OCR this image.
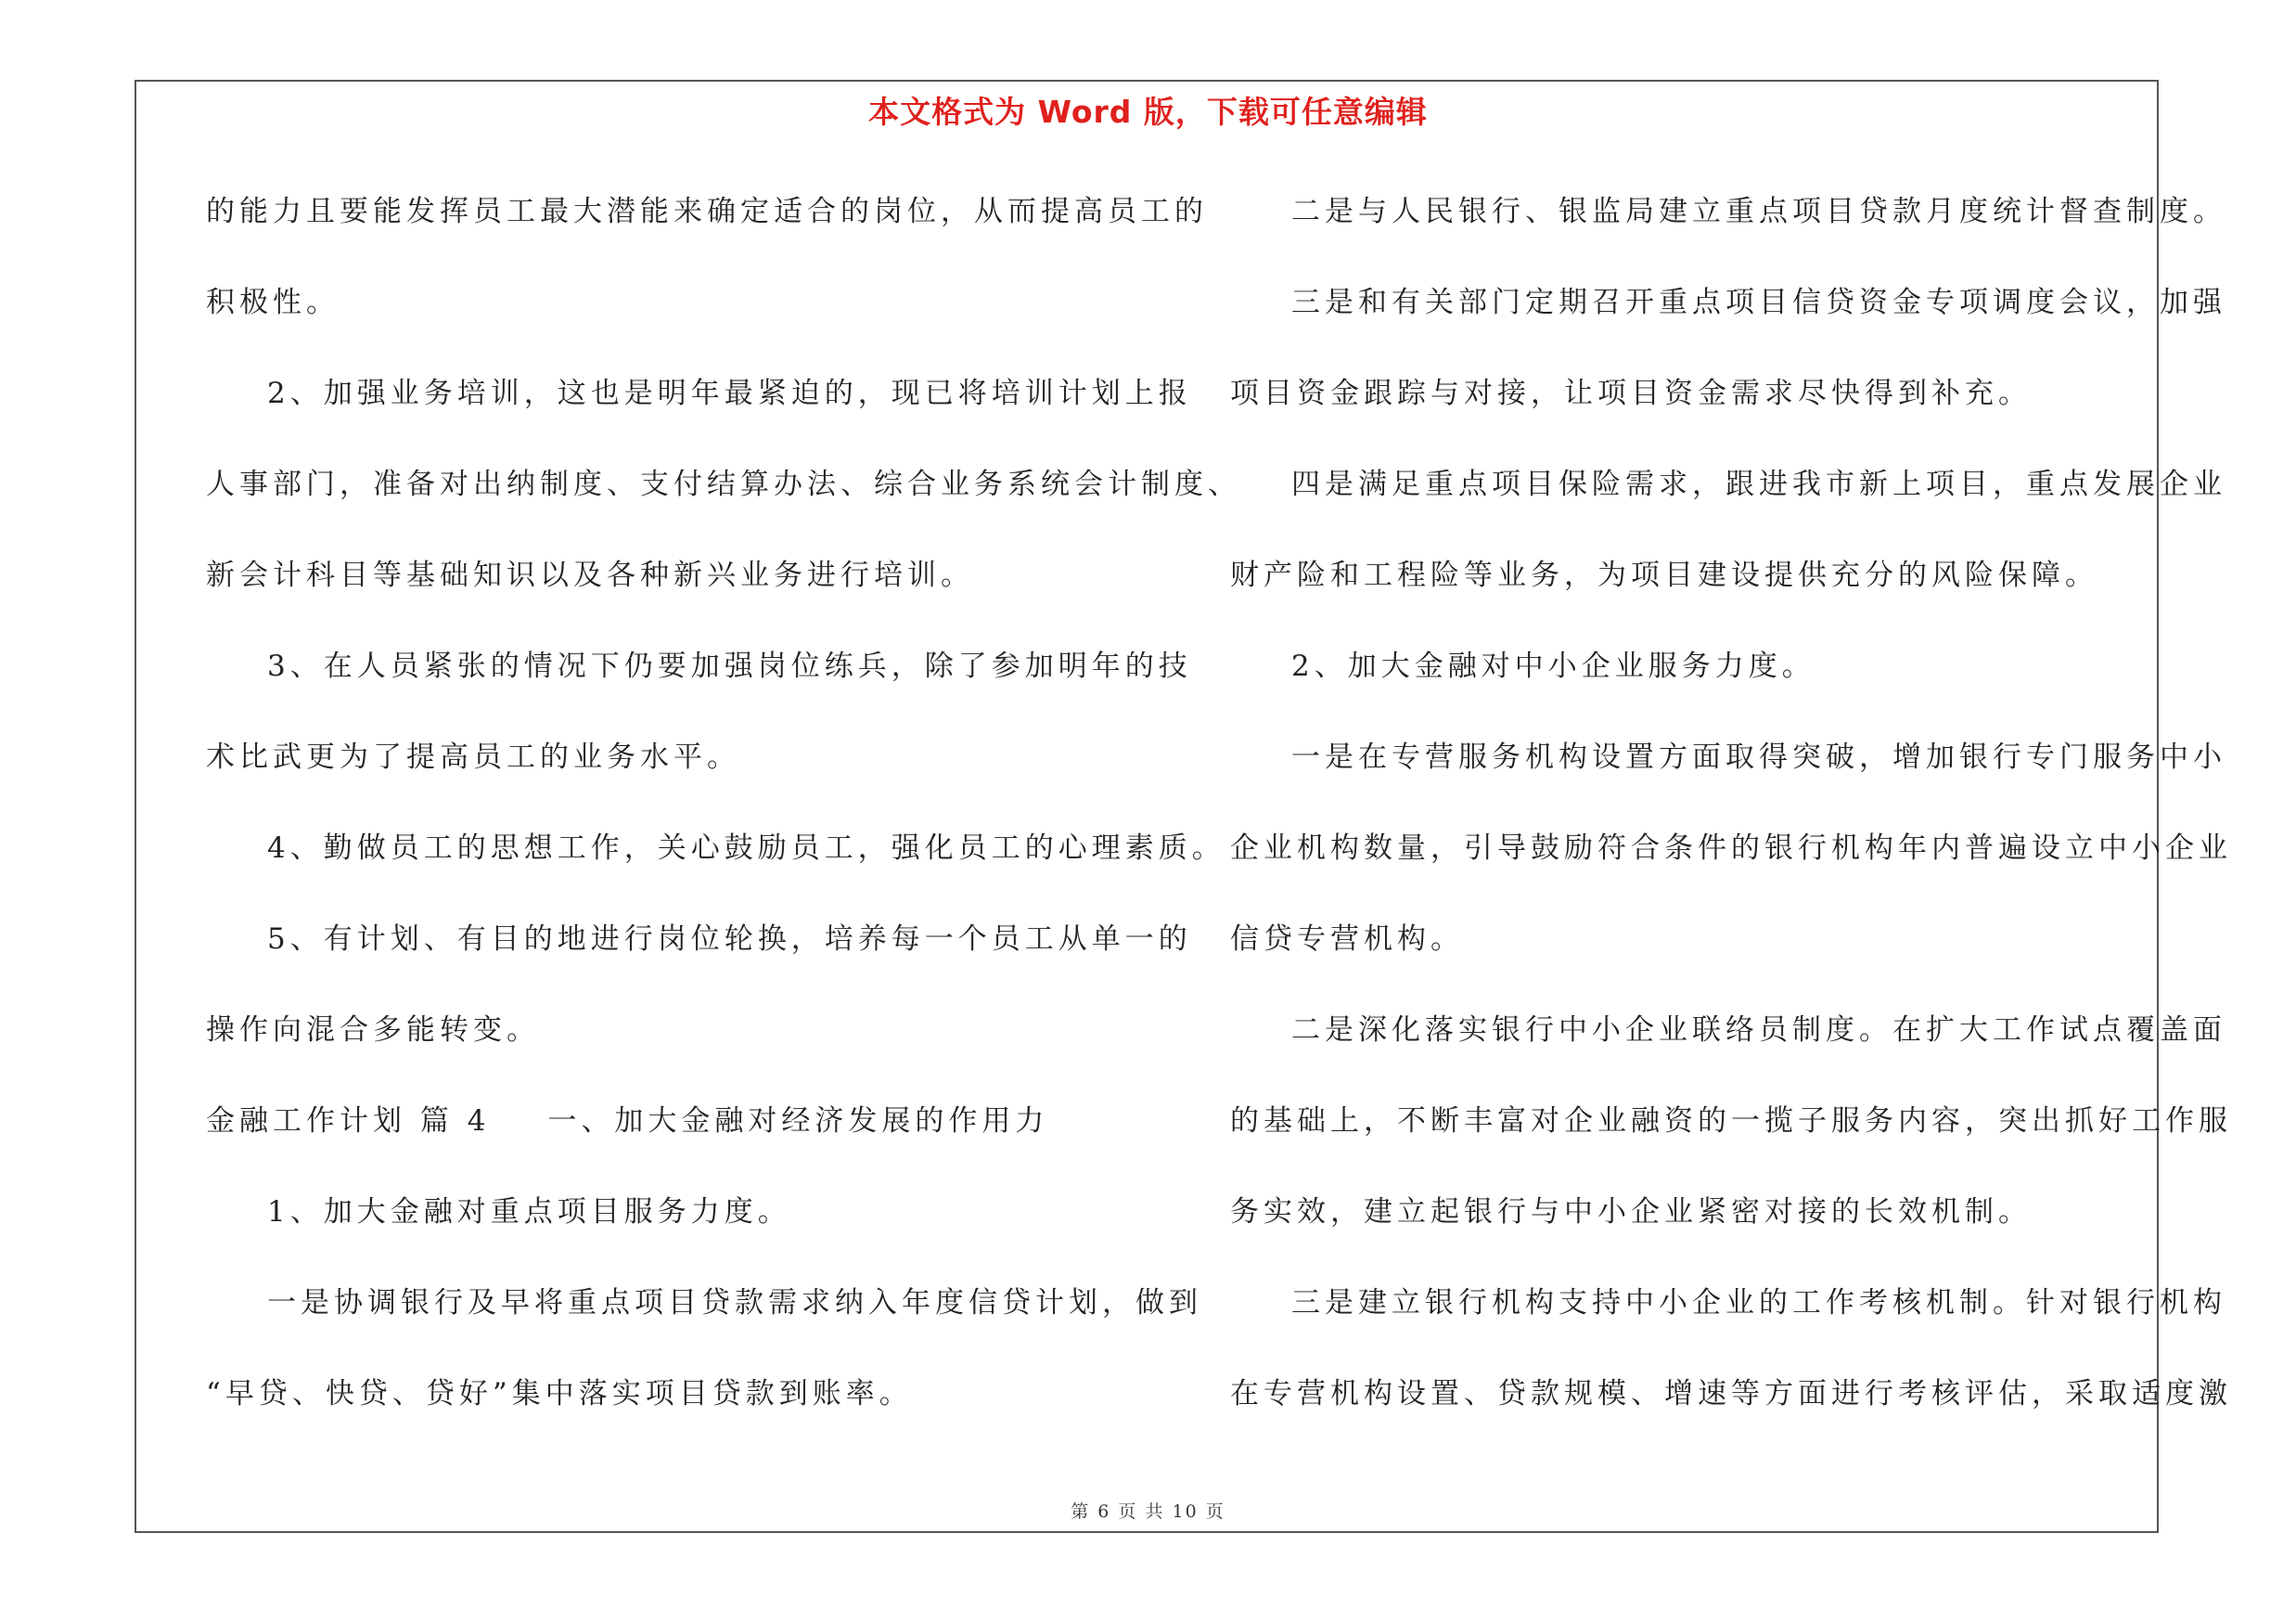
本文格式为 Word 版，下载可任意编辑
的能力且要能发挥员工最大潜能来确定适合的岗位，从而提高员工的
积极性。
2、加强业务培训，这也是明年最紧迫的，现已将培训计划上报
人事部门，准备对出纳制度、支付结算办法、综合业务系统会计制度、
新会计科目等基础知识以及各种新兴业务进行培训。
3、在人员紧张的情况下仍要加强岗位练兵，除了参加明年的技
术比武更为了提高员工的业务水平。
4、勤做员工的思想工作，关心鼓励员工，强化员工的心理素质。
5、有计划、有目的地进行岗位轮换，培养每一个员工从单一的
操作向混合多能转变。
金融工作计划 篇 4 一、加大金融对经济发展的作用力
1、加大金融对重点项目服务力度。
一是协调银行及早将重点项目贷款需求纳入年度信贷计划，做到
“早贷、快贷、贷好”集中落实项目贷款到账率。
二是与人民银行、银监局建立重点项目贷款月度统计督查制度。
三是和有关部门定期召开重点项目信贷资金专项调度会议，加强
项目资金跟踪与对接，让项目资金需求尽快得到补充。
四是满足重点项目保险需求，跟进我市新上项目，重点发展企业
财产险和工程险等业务，为项目建设提供充分的风险保障。
2、加大金融对中小企业服务力度。
一是在专营服务机构设置方面取得突破，增加银行专门服务中小
企业机构数量，引导鼓励符合条件的银行机构年内普遍设立中小企业
信贷专营机构。
二是深化落实银行中小企业联络员制度。在扩大工作试点覆盖面
的基础上，不断丰富对企业融资的一揽子服务内容，突出抓好工作服
务实效，建立起银行与中小企业紧密对接的长效机制。
三是建立银行机构支持中小企业的工作考核机制。针对银行机构
在专营机构设置、贷款规模、增速等方面进行考核评估，采取适度激
第 6 页 共 10 页
